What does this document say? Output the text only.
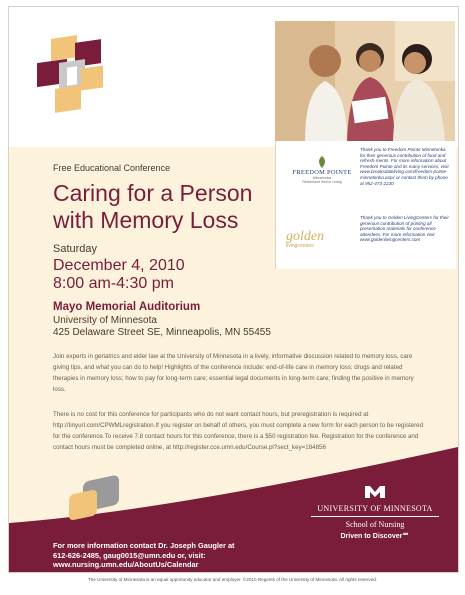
FREEDOM POINTE
Minnetonka
Retirement Senior Living
Thank you to Freedom Pointe Minnetonka for their generous contribution of food and refresh-ments. For more information about Freedom Pointe and its many services, visit www.brooksdaleliving.com/freedom-pointe-minnetonka.aspx or contact them by phone at 952-473-2230
golden
livingcenters
Thank you to Golden LivingCenters for their generous contribution of printing all presentation materials for conference attendees. For more information visit www.goldenlivingcenters.com
Free Educational Conference
Caring for a Person
with Memory Loss
Saturday
December 4, 2010
8:00 am-4:30 pm
Mayo Memorial Auditorium
University of Minnesota
425 Delaware Street SE, Minneapolis, MN 55455
Join experts in geriatrics and elder law at the University of Minnesota in a lively, informative discussion related to memory loss, care giving tips, and what you can do to help! Highlights of the conference include: end-of-life care in memory loss; drugs and related therapies in memory loss; how to pay for long-term care; essential legal documents in long-term care; finding the positive in memory loss.
There is no cost for this conference for participants who do not want contact hours, but preregistration is required at http://tinyurl.com/CPWMLregistration.If you register on behalf of others, you must complete a new form for each person to be registered for the conference.To receive 7.8 contact hours for this conference, there is a $50 registration fee. Registration for the conference and contact hours must be completed online, at http://register.cce.umn.edu/Course.pl?sect_key=184856
For more information contact Dr. Joseph Gaugler at
612-626-2485, gaug0015@umn.edu or, visit:
www.nursing.umn.edu/AboutUs/Calendar
UNIVERSITY OF MINNESOTA
School of Nursing
Driven to Discover℠
The University of Minnesota is an equal opportunity educator and employer. ©2010 Regents of the University of Minnesota. All rights reserved.
